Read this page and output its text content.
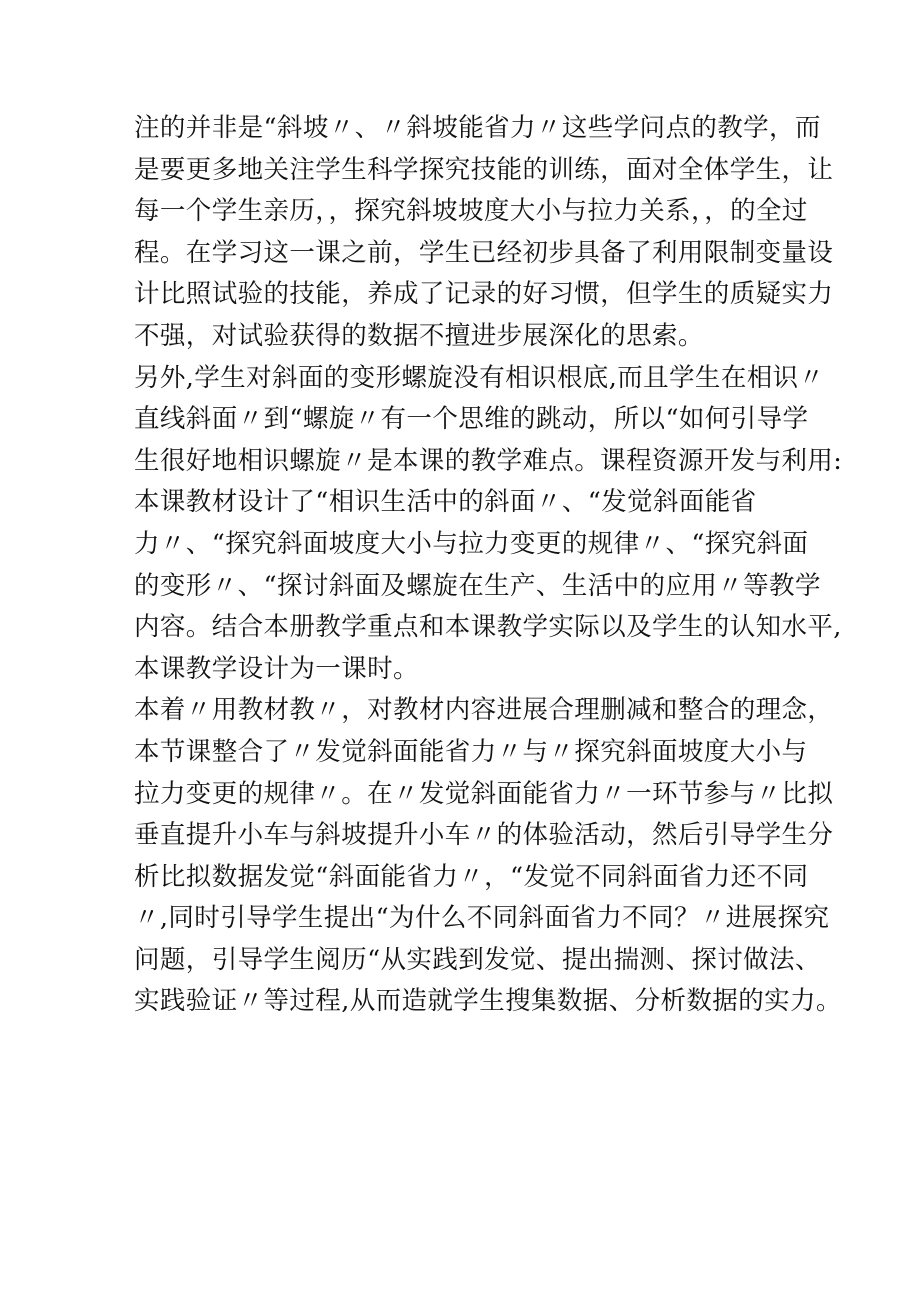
注的并非是“斜坡〃、〃斜坡能省力〃这些学问点的教学，而
是要更多地关注学生科学探究技能的训练，面对全体学生，让
每一个学生亲历，，探究斜坡坡度大小与拉力关系，，的全过
程。在学习这一课之前，学生已经初步具备了利用限制变量设
计比照试验的技能，养成了记录的好习惯，但学生的质疑实力
不强，对试验获得的数据不擅进步展深化的思索。
另外,学生对斜面的变形螺旋没有相识根底,而且学生在相识〃
直线斜面〃到“螺旋〃有一个思维的跳动，所以“如何引导学
生很好地相识螺旋〃是本课的教学难点。课程资源开发与利用:
本课教材设计了“相识生活中的斜面〃、“发觉斜面能省
力〃、“探究斜面坡度大小与拉力变更的规律〃、“探究斜面
的变形〃、“探讨斜面及螺旋在生产、生活中的应用〃等教学
内容。结合本册教学重点和本课教学实际以及学生的认知水平,
本课教学设计为一课时。
本着〃用教材教〃，对教材内容进展合理删减和整合的理念，
本节课整合了〃发觉斜面能省力〃与〃探究斜面坡度大小与
拉力变更的规律〃。在〃发觉斜面能省力〃一环节参与〃比拟
垂直提升小车与斜坡提升小车〃的体验活动，然后引导学生分
析比拟数据发觉“斜面能省力〃，“发觉不同斜面省力还不同
〃,同时引导学生提出“为什么不同斜面省力不同？〃进展探究
问题，引导学生阅历“从实践到发觉、提出揣测、探讨做法、
实践验证〃等过程,从而造就学生搜集数据、分析数据的实力。
